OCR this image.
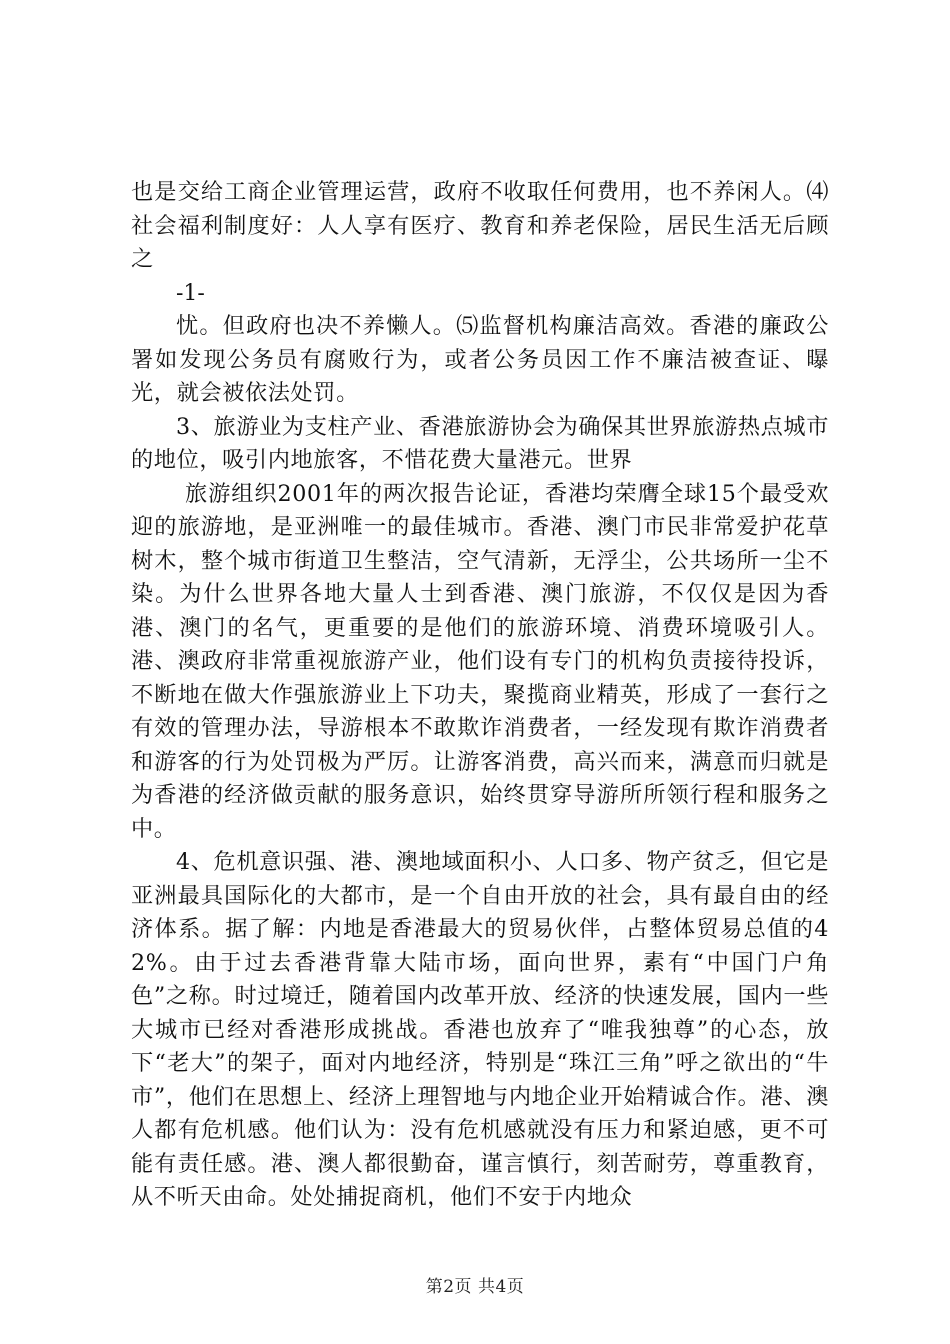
也是交给工商企业管理运营，政府不收取任何费用，也不养闲人。⑷社会福利制度好：人人享有医疗、教育和养老保险，居民生活无后顾之

-1-

忧。但政府也决不养懒人。⑸监督机构廉洁高效。香港的廉政公署如发现公务员有腐败行为，或者公务员因工作不廉洁被查证、曝光，就会被依法处罚。

3、旅游业为支柱产业、香港旅游协会为确保其世界旅游热点城市的地位，吸引内地旅客，不惜花费大量港元。世界

旅游组织2001年的两次报告论证，香港均荣膺全球15个最受欢迎的旅游地，是亚洲唯一的最佳城市。香港、澳门市民非常爱护花草树木，整个城市街道卫生整洁，空气清新，无浮尘，公共场所一尘不染。为什么世界各地大量人士到香港、澳门旅游，不仅仅是因为香港、澳门的名气，更重要的是他们的旅游环境、消费环境吸引人。港、澳政府非常重视旅游产业，他们设有专门的机构负责接待投诉，不断地在做大作强旅游业上下功夫，聚揽商业精英，形成了一套行之有效的管理办法，导游根本不敢欺诈消费者，一经发现有欺诈消费者和游客的行为处罚极为严厉。让游客消费，高兴而来，满意而归就是为香港的经济做贡献的服务意识，始终贯穿导游所所领行程和服务之中。

4、危机意识强、港、澳地域面积小、人口多、物产贫乏，但它是亚洲最具国际化的大都市，是一个自由开放的社会，具有最自由的经济体系。据了解：内地是香港最大的贸易伙伴，占整体贸易总值的42%。由于过去香港背靠大陆市场，面向世界，素有“中国门户角色”之称。时过境迁，随着国内改革开放、经济的快速发展，国内一些大城市已经对香港形成挑战。香港也放弃了“唯我独尊”的心态，放下“老大”的架子，面对内地经济，特别是“珠江三角”呼之欲出的“牛市”，他们在思想上、经济上理智地与内地企业开始精诚合作。港、澳人都有危机感。他们认为：没有危机感就没有压力和紧迫感，更不可能有责任感。港、澳人都很勤奋，谨言慎行，刻苦耐劳，尊重教育，从不听天由命。处处捕捉商机，他们不安于内地众

第2页 共4页
